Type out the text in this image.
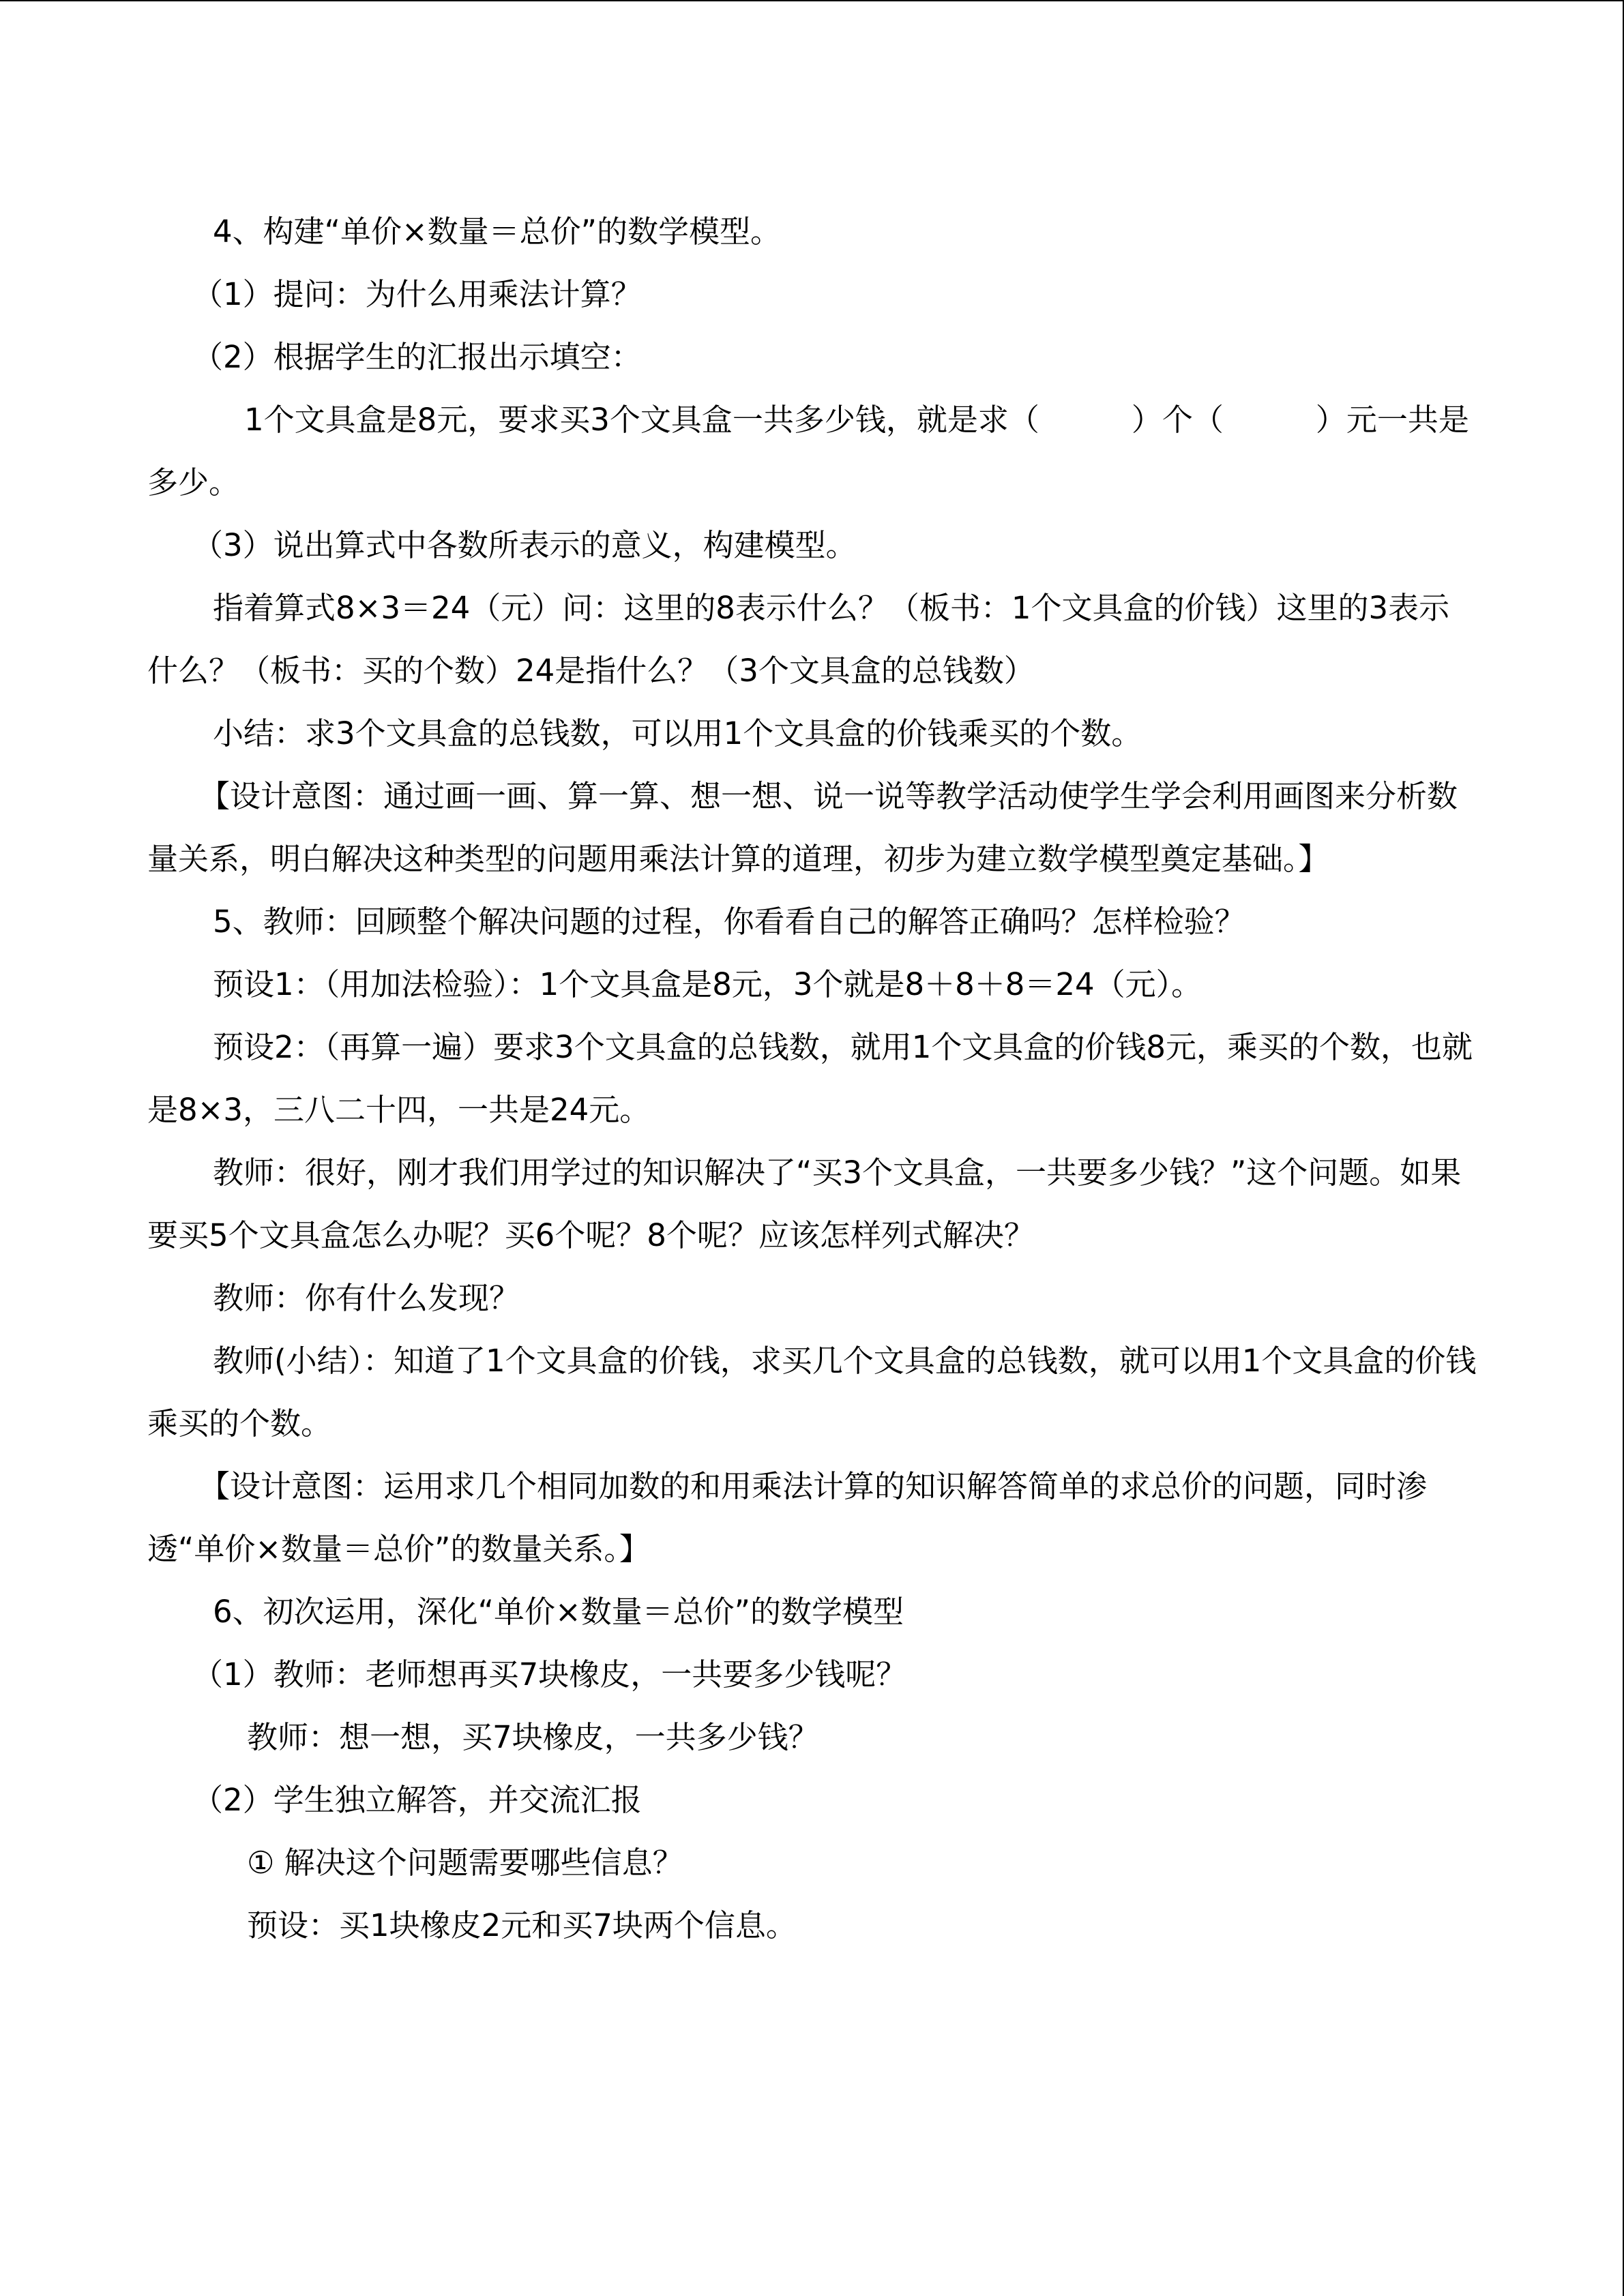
4、构建“单价×数量＝总价”的数学模型。

（1）提问：为什么用乘法计算？

（2）根据学生的汇报出示填空：

1个文具盒是8元，要求买3个文具盒一共多少钱，就是求（　　　）个（　　　）元一共是多少。

（3）说出算式中各数所表示的意义，构建模型。

指着算式8×3＝24（元）问：这里的8表示什么？（板书：1个文具盒的价钱）这里的3表示什么？（板书：买的个数）24是指什么？（3个文具盒的总钱数）

小结：求3个文具盒的总钱数，可以用1个文具盒的价钱乘买的个数。

【设计意图：通过画一画、算一算、想一想、说一说等教学活动使学生学会利用画图来分析数量关系，明白解决这种类型的问题用乘法计算的道理，初步为建立数学模型奠定基础。】

5、教师：回顾整个解决问题的过程，你看看自己的解答正确吗？怎样检验？

预设1：（用加法检验）：1个文具盒是8元，3个就是8＋8＋8＝24（元）。

预设2：（再算一遍）要求3个文具盒的总钱数，就用1个文具盒的价钱8元，乘买的个数，也就是8×3，三八二十四，一共是24元。

教师：很好，刚才我们用学过的知识解决了“买3个文具盒，一共要多少钱？”这个问题。如果要买5个文具盒怎么办呢？买6个呢？8个呢？应该怎样列式解决？

教师：你有什么发现？

教师(小结）：知道了1个文具盒的价钱，求买几个文具盒的总钱数，就可以用1个文具盒的价钱乘买的个数。

【设计意图：运用求几个相同加数的和用乘法计算的知识解答简单的求总价的问题，同时渗透“单价×数量＝总价”的数量关系。】

6、初次运用，深化“单价×数量＝总价”的数学模型

（1）教师：老师想再买7块橡皮，一共要多少钱呢？

教师：想一想，买7块橡皮，一共多少钱？

（2）学生独立解答，并交流汇报

① 解决这个问题需要哪些信息？

预设：买1块橡皮2元和买7块两个信息。
